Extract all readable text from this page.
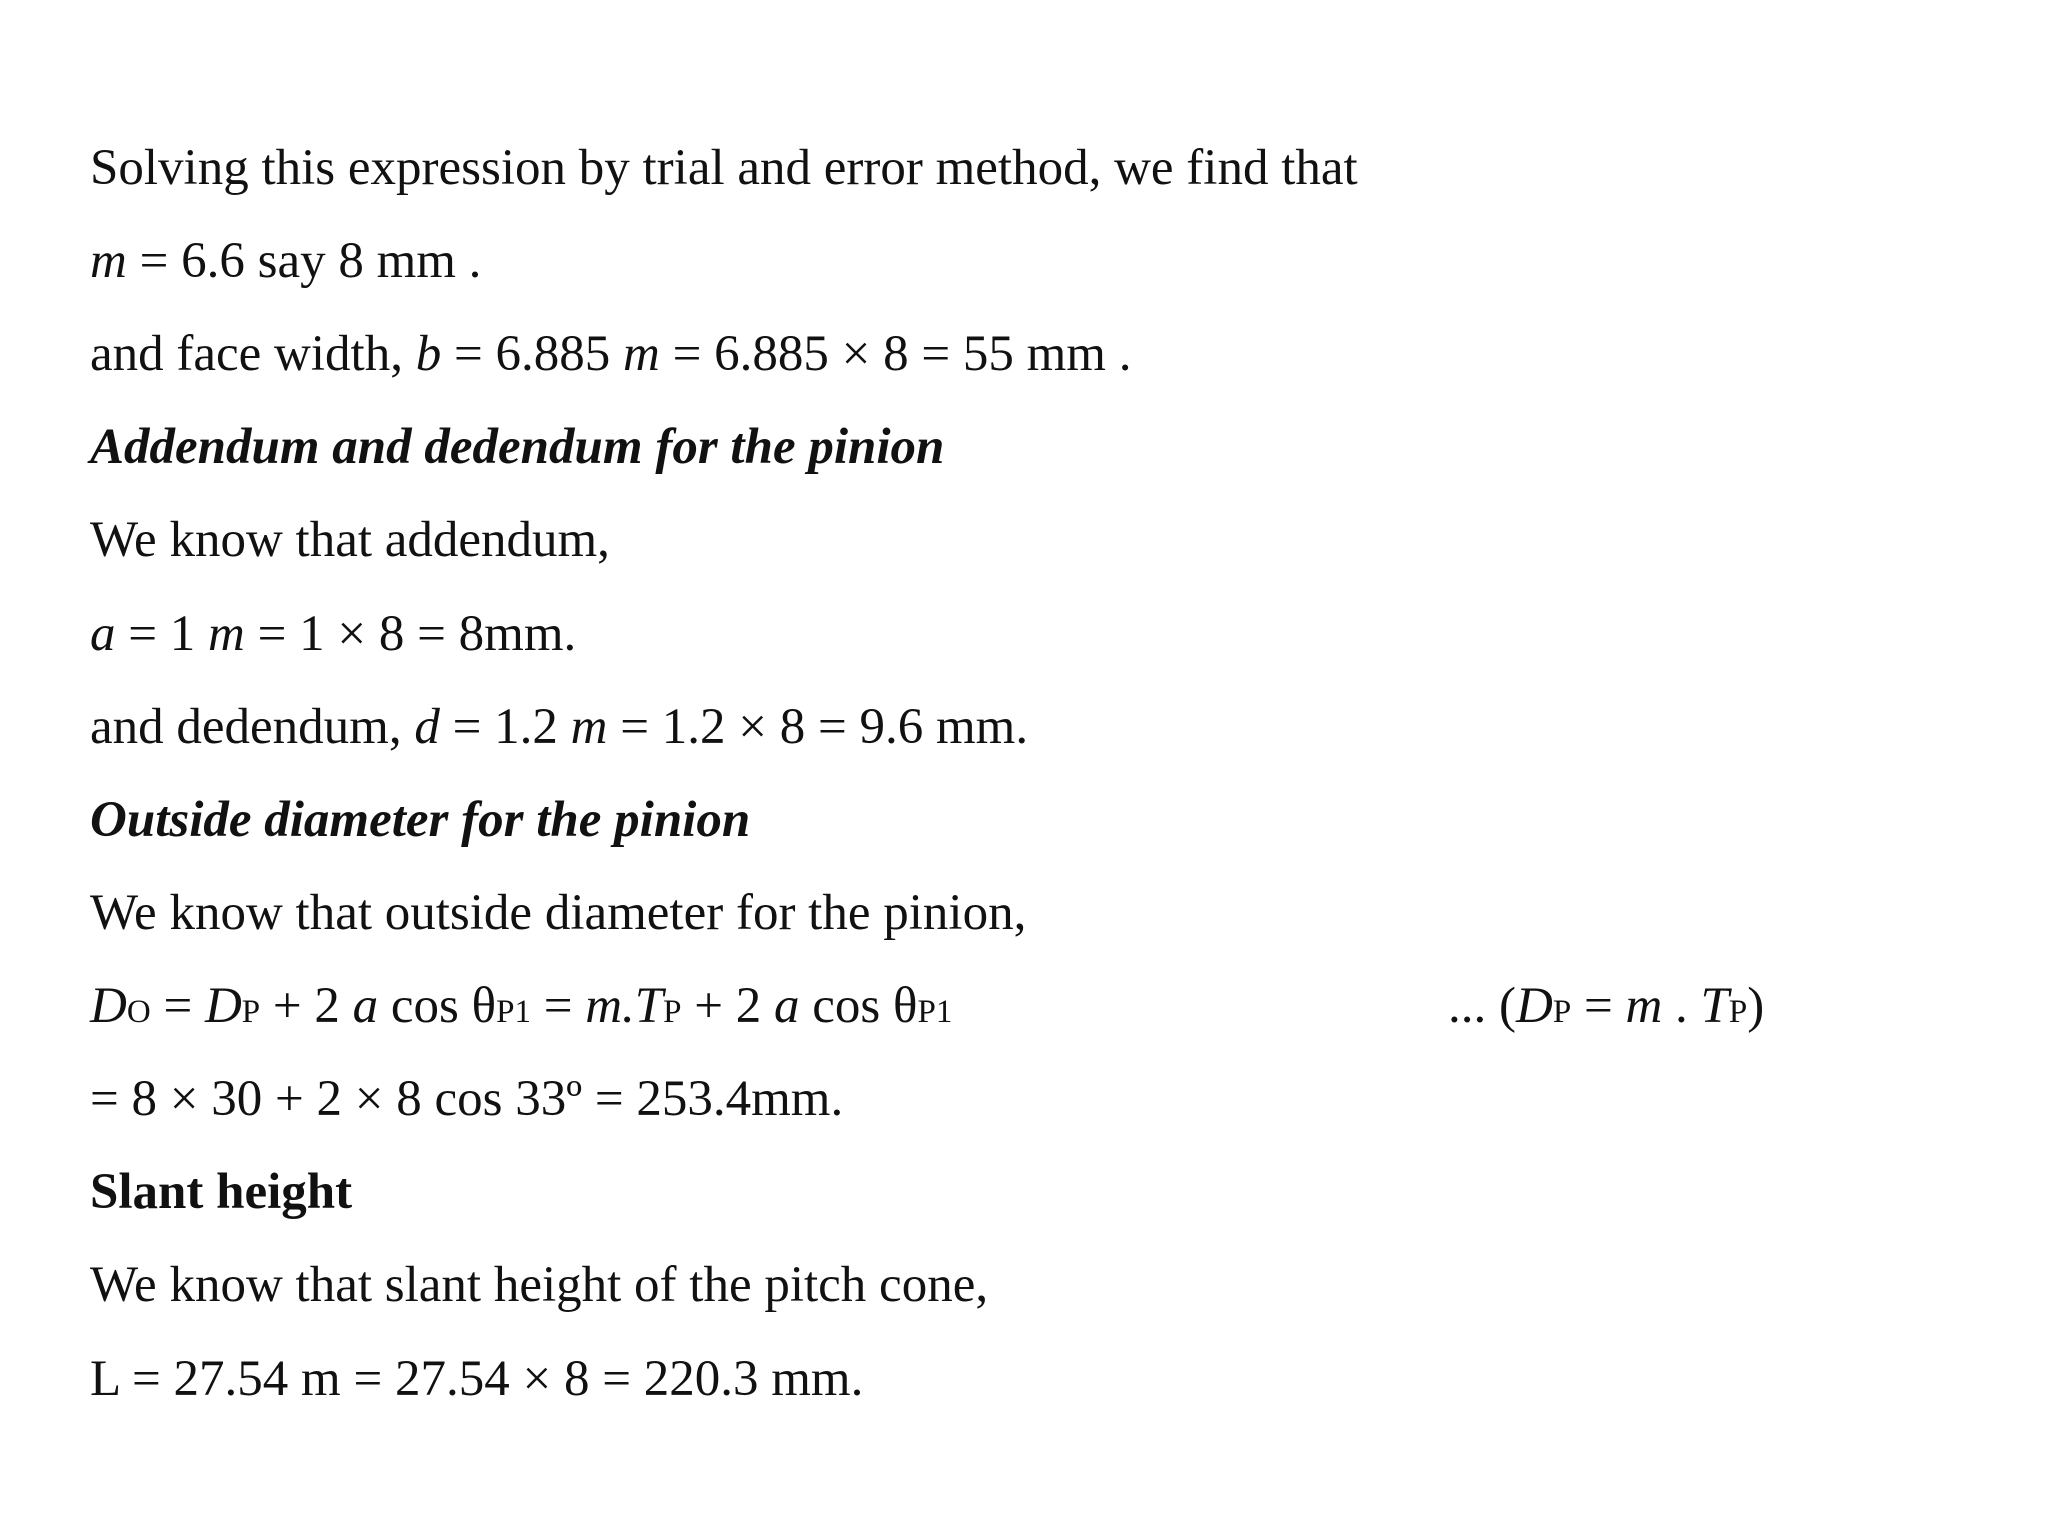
Solving this expression by trial and error method, we find that
m = 6.6 say 8 mm .
and face width, b = 6.885 m = 6.885 × 8 = 55 mm .
Addendum and dedendum for the pinion
We know that addendum,
a = 1 m = 1 × 8 = 8mm.
and dedendum, d = 1.2 m = 1.2 × 8 = 9.6 mm.
Outside diameter for the pinion
We know that outside diameter for the pinion,
DO = DP + 2 a cos θP1 = m.TP + 2 a cos θP1	... (DP = m . TP)
= 8 × 30 + 2 × 8 cos 33º = 253.4mm.
Slant height
We know that slant height of the pitch cone,
L = 27.54 m = 27.54 × 8 = 220.3 mm.
